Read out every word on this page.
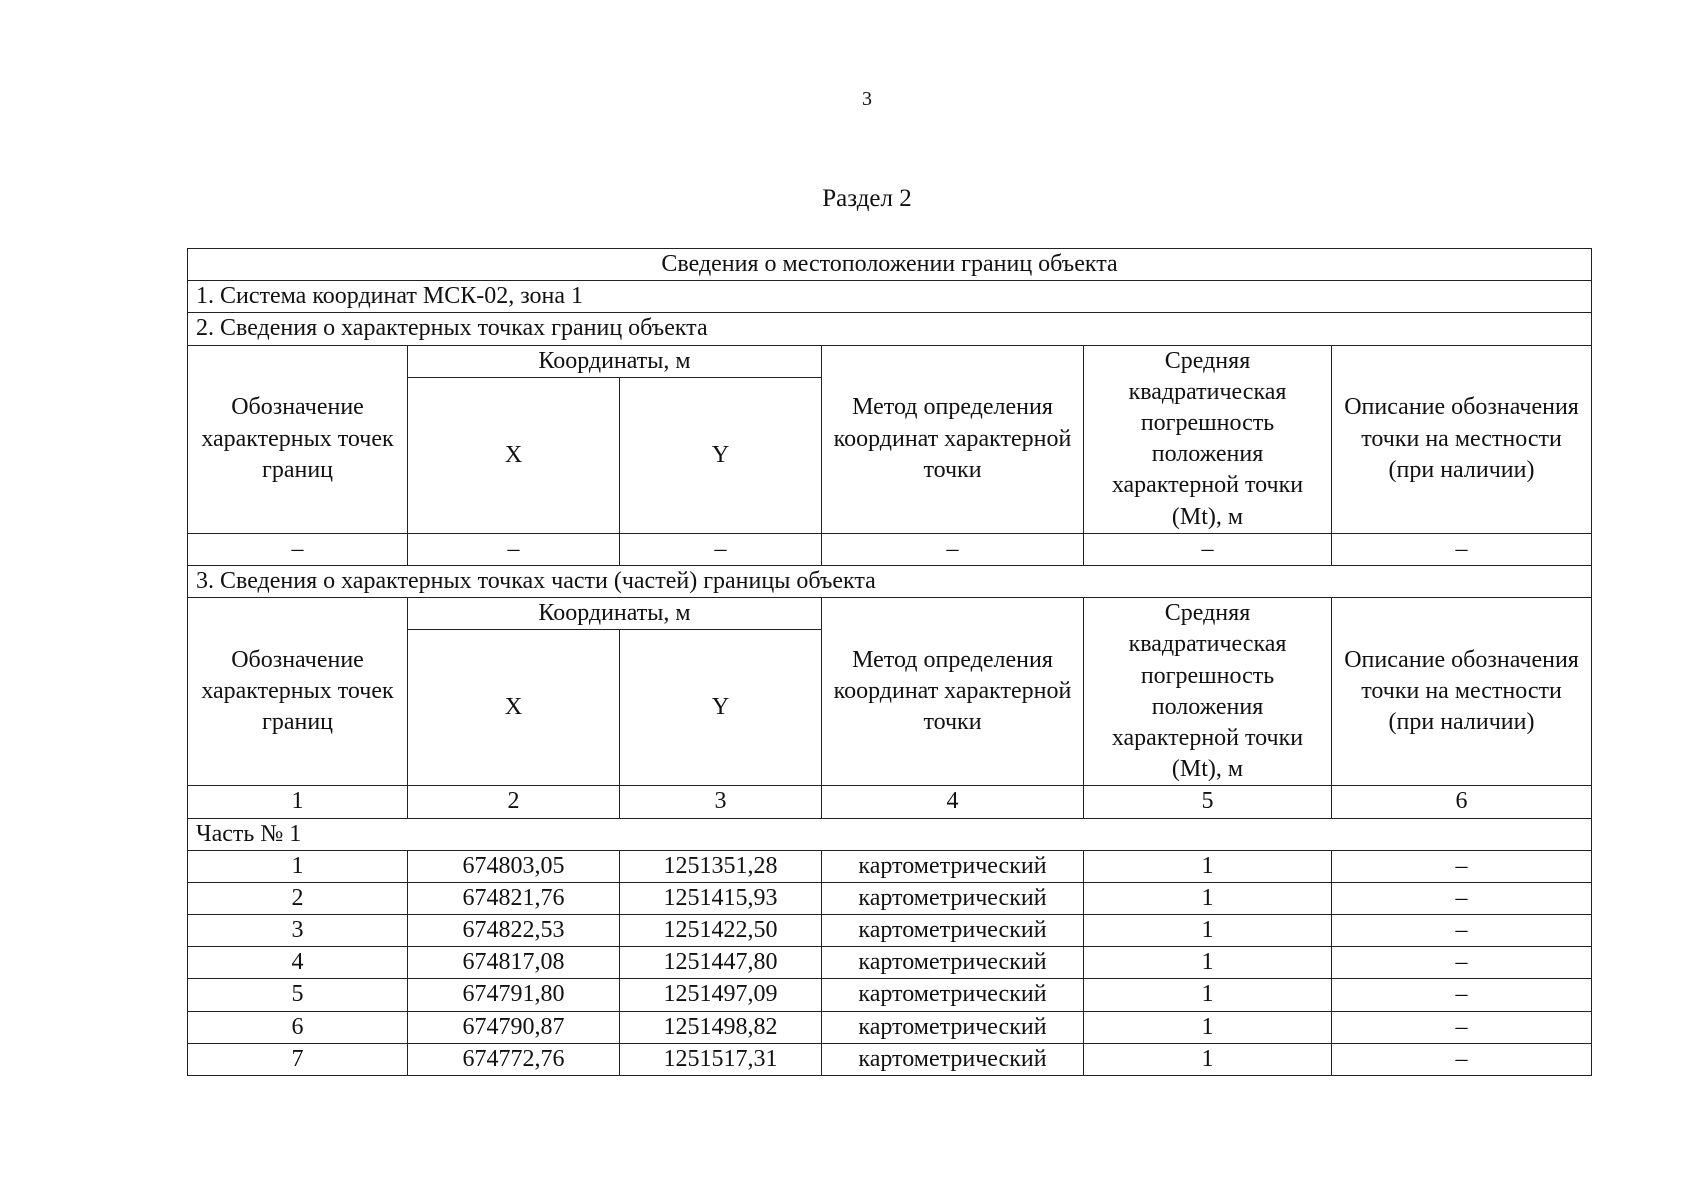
3
Раздел 2
Сведения о местоположении границ объекта					
1. Система координат МСК-02, зона 1					
2. Сведения о характерных точках границ объекта					
Обозначение характерных точек границ	Координаты, м		Метод определения координат характерной точки	Средняя квадратическая погрешность положения характерной точки (Mt), м	Описание обозначения точки на местности (при наличии)
	X	Y			
–	–	–	–	–	–
3. Сведения о характерных точках части (частей) границы объекта					
Обозначение характерных точек границ	Координаты, м		Метод определения координат характерной точки	Средняя квадратическая погрешность положения характерной точки (Mt), м	Описание обозначения точки на местности (при наличии)
	X	Y			
1	2	3	4	5	6
Часть № 1					
1	674803,05	1251351,28	картометрический	1	–
2	674821,76	1251415,93	картометрический	1	–
3	674822,53	1251422,50	картометрический	1	–
4	674817,08	1251447,80	картометрический	1	–
5	674791,80	1251497,09	картометрический	1	–
6	674790,87	1251498,82	картометрический	1	–
7	674772,76	1251517,31	картометрический	1	–
